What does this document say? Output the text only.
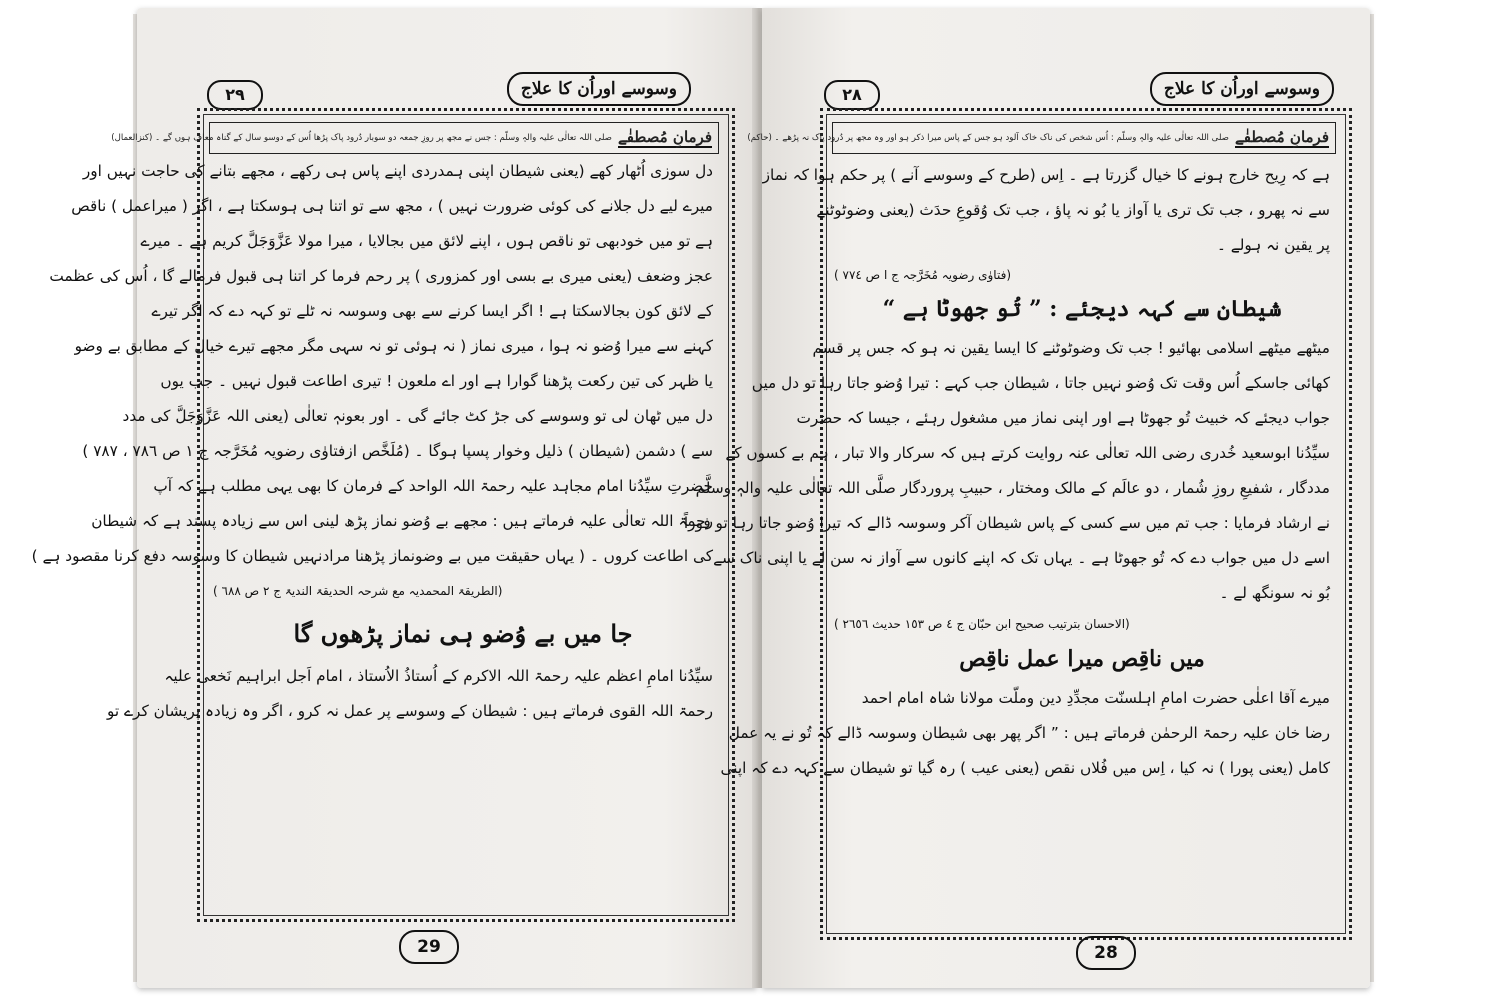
٢٩	وسوسے اوراُن کا علاج
فرمانِ مُصطفٰے
صلی اللہ تعالٰی علیہ والہٖ وسلّم : جس نے مجھ پر روزِ جمعہ دو سوبار دُرود پاک پڑھا اُس کے دوسو سال کے گناہ معاف ہوں گے ۔ (کنزالعمال)

دل سوزی اُٹھار کھے (یعنی شیطان اپنی ہمدردی اپنے پاس ہی رکھے ، مجھے بتانے کی حاجت نہیں اور

میرے لیے دل جلانے کی کوئی ضرورت نہیں ) ، مجھ سے تو اتنا ہی ہوسکتا ہے ، اگر ( میراعمل ) ناقص

ہے تو میں خودبھی تو ناقص ہوں ، اپنے لائق میں بجالایا ، میرا مولا عَزَّوَجَلَّ کریم ہے ۔ میرے

عجز وضعف (یعنی میری بے بسی اور کمزوری ) پر رحم فرما کر اتنا ہی قبول فرمالے گا ، اُس کی عظمت

کے لائق کون بجالاسکتا ہے ! اگر ایسا کرنے سے بھی وسوسہ نہ ٹلے تو کہہ دے کہ اگر تیرے

کہنے سے میرا وُضو نہ ہوا ، میری نماز ( نہ ہوئی تو نہ سہی مگر مجھے تیرے خیال کے مطابق بے وضو

یا ظہر کی تین رکعت پڑھنا گوارا ہے اور اے ملعون ! تیری اطاعت قبول نہیں ۔ جب یوں

دل میں ٹھان لی تو وسوسے کی جڑ کٹ جائے گی ۔ اور بعونہٖ تعالٰی (یعنی اللہ عَزَّوَجَلَّ کی مدد

سے ) دشمن (شیطان ) ذلیل وخوار پسپا ہوگا ۔ (مُلَخَّص ازفتاوٰی رضویہ مُخَرَّجہ ج ١ ص ٧٨٦ ، ٧٨٧ )

حضرتِ سیِّدُنا امام مجاہد علیہ رحمۃ اللہ الواحد کے فرمان کا بھی یہی مطلب ہے کہ آپ

رحمۃ اللہ تعالٰی علیہ فرماتے ہیں : مجھے بے وُضو نماز پڑھ لینی اس سے زیادہ پسند ہے کہ شیطان

کی اطاعت کروں ۔ ( یہاں حقیقت میں بے وضونماز پڑھنا مرادنہیں شیطان کا وسوسہ دفع کرنا مقصود ہے )

(الطریقۃ المحمدیہ مع شرحہ الحدیقۃ الندیۃ ج ٢ ص ٦٨٨ )

جا میں بے وُضو ہی نماز پڑھوں گا

سیِّدُنا امامِ اعظم علیہ رحمۃ اللہ الاکرم کے اُستاذُ الاُستاذ ، امام اَجل ابراہیم نَخعی علیہ

رحمۃ اللہ القوی فرماتے ہیں : شیطان کے وسوسے پر عمل نہ کرو ، اگر وہ زیادہ پریشان کرے تو

29
٢٨	وسوسے اوراُن کا علاج
فرمانِ مُصطفٰے
صلی اللہ تعالٰی علیہ والہٖ وسلّم : اُس شخص کی ناک خاک آلود ہو جس کے پاس میرا ذکر ہو اور وہ مجھ پر دُرود پاک نہ پڑھے ۔ (حاکم)

ہے کہ رِیح خارج ہونے کا خیال گزرتا ہے ۔ اِس (طرح کے وسوسے آنے ) پر حکم ہوا کہ نماز

سے نہ پھرو ، جب تک تری یا آواز یا بُو نہ پاؤ ، جب تک وُقوعِ حدَث (یعنی وضوٹوٹنے

پر یقین نہ ہولے ۔

(فتاوٰی رضویہ مُخَرَّجہ ج ا ص ٧٧٤ )

شیطان سے کہہ دیجئے : ” تُو جھوٹا ہے “

میٹھے میٹھے اسلامی بھائیو ! جب تک وضوٹوٹنے کا ایسا یقین نہ ہو کہ جس پر قسم

کھائی جاسکے اُس وقت تک وُضو نہیں جاتا ، شیطان جب کہے : تیرا وُضو جاتا رہا تو دل میں

جواب دیجئے کہ خبیث تُو جھوٹا ہے اور اپنی نماز میں مشغول رہئے ، جیسا کہ حضرت

سیِّدُنا ابوسعید خُدری رضی اللہ تعالٰی عنہ روایت کرتے ہیں کہ سرکار والا تبار ، ہم بے کسوں کے

مددگار ، شفیعِ روزِ شُمار ، دو عالَم کے مالک ومختار ، حبیبِ پروردگار صلَّی اللہ تعالٰی علیہ والہٖ وسلَّم

نے ارشاد فرمایا : جب تم میں سے کسی کے پاس شیطان آکر وسوسہ ڈالے کہ تیرا وُضو جاتا رہا تو فوراً

اسے دل میں جواب دے کہ تُو جھوٹا ہے ۔ یہاں تک کہ اپنے کانوں سے آواز نہ سن لے یا اپنی ناک سے

بُو نہ سونگھ لے ۔

(الاحسان بترتیب صحیح ابن حبّان ج ٤ ص ١٥٣ حدیث ٢٦٥٦ )

میں ناقِص میرا عمل ناقِص

میرے آقا اعلٰی حضرت امامِ اہلسنّت مجدِّدِ دین وملّت مولانا شاہ امام احمد

رضا خان علیہ رحمۃ الرحمٰن فرماتے ہیں : ” اگر پھر بھی شیطان وسوسہ ڈالے کہ تُو نے یہ عمل

کامل (یعنی پورا ) نہ کیا ، اِس میں فُلاں نقص (یعنی عیب ) رہ گیا تو شیطان سے کہہ دے کہ اپنی

28
